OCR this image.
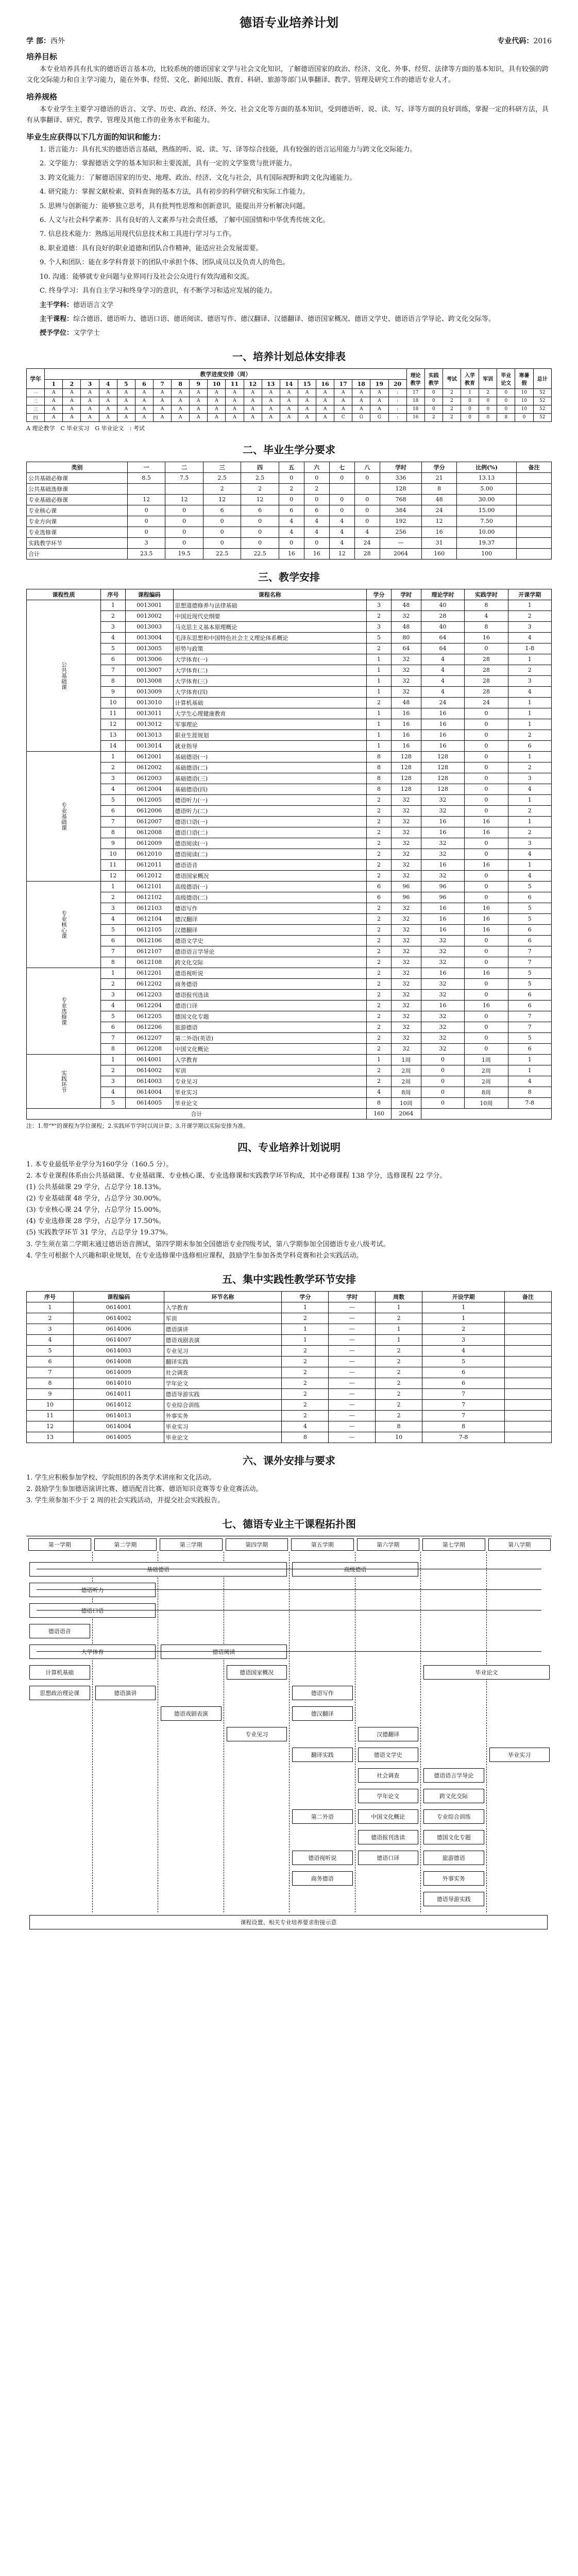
德语专业培养计划
学 部：西外	专业代码：2016
培养目标

本专业培养具有扎实的德语语言基本功，比较系统的德语国家文学与社会文化知识，了解德语国家的政治、经济、文化、外事、经贸、法律等方面的基本知识，具有较强的跨文化交际能力和自主学习能力，能在外事、经贸、文化、新闻出版、教育、科研、旅游等部门从事翻译、教学、管理及研究工作的德语专业人才。

培养规格

本专业学生主要学习德语的语言、文学、历史、政治、经济、外交、社会文化等方面的基本知识，受到德语听、说、读、写、译等方面的良好训练，掌握一定的科研方法，具有从事翻译、研究、教学、管理及其他工作的业务水平和能力。

毕业生应获得以下几方面的知识和能力：

1. 语言能力：具有扎实的德语语言基础，熟练的听、说、读、写、译等综合技能，具有较强的语言运用能力与跨文化交际能力。

2. 文学能力：掌握德语文学的基本知识和主要流派，具有一定的文学鉴赏与批评能力。

3. 跨文化能力：了解德语国家的历史、地理、政治、经济、文化与社会，具有国际视野和跨文化沟通能力。

4. 研究能力：掌握文献检索、资料查询的基本方法，具有初步的科学研究和实际工作能力。

5. 思辨与创新能力：能够独立思考，具有批判性思维和创新意识，能提出并分析解决问题。

6. 人文与社会科学素养：具有良好的人文素养与社会责任感，了解中国国情和中华优秀传统文化。

7. 信息技术能力：熟练运用现代信息技术和工具进行学习与工作。

8. 职业道德：具有良好的职业道德和团队合作精神，能适应社会发展需要。

9. 个人和团队：能在多学科背景下的团队中承担个体、团队成员以及负责人的角色。

10. 沟通：能够就专业问题与业界同行及社会公众进行有效沟通和交流。

C. 终身学习：具有自主学习和终身学习的意识，有不断学习和适应发展的能力。

主干学科：德语语言文学

主干课程：综合德语、德语听力、德语口语、德语阅读、德语写作、德汉翻译、汉德翻译、德语国家概况、德语文学史、德语语言学导论、跨文化交际等。

授予学位：文学学士

一、培养计划总体安排表
学年	教学进度安排（周）																				理论教学	实践教学	考试	入学教育	军训	毕业论文	寒暑假	总计
	1	2	3	4	5	6	7	8	9	10	11	12	13	14	15	16	17	18	19	20								
一	A	A	A	A	A	A	A	A	A	A	A	A	A	A	A	A	A	A	A	:	17	0	2	1	2	0	10	52
二	A	A	A	A	A	A	A	A	A	A	A	A	A	A	A	A	A	A	A	:	18	0	2	0	0	0	10	52
三	A	A	A	A	A	A	A	A	A	A	A	A	A	A	A	A	A	A	A	:	18	0	2	0	0	0	10	52
四	A	A	A	A	A	A	A	A	A	A	A	A	A	A	A	A	C	G	G	:	16	2	2	0	0	8	0	52
A 理论教学　C 毕业实习　G 毕业论文　: 考试
二、毕业生学分要求
类别	一	二	三	四	五	六	七	八	学时	学分	比例(%)	备注
公共基础必修课	8.5	7.5	2.5	2.5	0	0	0	0	336	21	13.13	
公共基础选修课			2	2	2	2			128	8	5.00	
专业基础必修课	12	12	12	12	0	0	0	0	768	48	30.00	
专业核心课	0	0	6	6	6	6	0	0	384	24	15.00	
专业方向课	0	0	0	0	4	4	4	0	192	12	7.50	
专业选修课	0	0	0	0	4	4	4	4	256	16	10.00	
实践教学环节	3	0	0	0	0	0	4	24	—	31	19.37	
合计	23.5	19.5	22.5	22.5	16	16	12	28	2064	160	100	
三、教学安排
课程性质	序号	课程编码	课程名称	学分	学时	理论学时	实践学时	开课学期
公共基础课	1	0013001	思想道德修养与法律基础	3	48	40	8	1
	2	0013002	中国近现代史纲要	2	32	28	4	2
	3	0013003	马克思主义基本原理概论	3	48	40	8	3
	4	0013004	毛泽东思想和中国特色社会主义理论体系概论	5	80	64	16	4
	5	0013005	形势与政策	2	64	64	0	1-8
	6	0013006	大学体育(一)	1	32	4	28	1
	7	0013007	大学体育(二)	1	32	4	28	2
	8	0013008	大学体育(三)	1	32	4	28	3
	9	0013009	大学体育(四)	1	32	4	28	4
	10	0013010	计算机基础	2	48	24	24	1
	11	0013011	大学生心理健康教育	1	16	16	0	1
	12	0013012	军事理论	1	16	16	0	1
	13	0013013	职业生涯规划	1	16	16	0	2
	14	0013014	就业指导	1	16	16	0	6
专业基础课	1	0612001	基础德语(一)	8	128	128	0	1
	2	0612002	基础德语(二)	8	128	128	0	2
	3	0612003	基础德语(三)	8	128	128	0	3
	4	0612004	基础德语(四)	8	128	128	0	4
	5	0612005	德语听力(一)	2	32	32	0	1
	6	0612006	德语听力(二)	2	32	32	0	2
	7	0612007	德语口语(一)	2	32	16	16	1
	8	0612008	德语口语(二)	2	32	16	16	2
	9	0612009	德语阅读(一)	2	32	32	0	3
	10	0612010	德语阅读(二)	2	32	32	0	4
	11	0612011	德语语音	2	32	16	16	1
	12	0612012	德语国家概况	2	32	32	0	4
专业核心课	1	0612101	高级德语(一)	6	96	96	0	5
	2	0612102	高级德语(二)	6	96	96	0	6
	3	0612103	德语写作	2	32	16	16	5
	4	0612104	德汉翻译	2	32	16	16	5
	5	0612105	汉德翻译	2	32	16	16	6
	6	0612106	德语文学史	2	32	32	0	6
	7	0612107	德语语言学导论	2	32	32	0	7
	8	0612108	跨文化交际	2	32	32	0	7
专业选修课	1	0612201	德语视听说	2	32	16	16	5
	2	0612202	商务德语	2	32	32	0	5
	3	0612203	德语报刊选读	2	32	32	0	6
	4	0612204	德语口译	2	32	16	16	6
	5	0612205	德国文化专题	2	32	32	0	7
	6	0612206	旅游德语	2	32	32	0	7
	7	0612207	第二外语(英语)	2	32	32	0	5
	8	0612208	中国文化概论	2	32	32	0	6
实践环节	1	0614001	入学教育	1	1周	0	1周	1
	2	0614002	军训	2	2周	0	2周	1
	3	0614003	专业见习	2	2周	0	2周	4
	4	0614004	毕业实习	4	8周	0	8周	8
	5	0614005	毕业论文	8	10周	0	10周	7-8
合计				160	2064			
注：1.带"*"的课程为学位课程；2.实践环节学时以周计算；3.开课学期以实际安排为准。
四、专业培养计划说明

1. 本专业最低毕业学分为160学分（160.5 分）。

2. 本专业课程体系由公共基础课、专业基础课、专业核心课、专业选修课和实践教学环节构成，其中必修课程 138 学分，选修课程 22 学分。

(1) 公共基础课 29 学分，占总学分 18.13%。

(2) 专业基础课 48 学分，占总学分 30.00%。

(3) 专业核心课 24 学分，占总学分 15.00%。

(4) 专业选修课 28 学分，占总学分 17.50%。

(5) 实践教学环节 31 学分，占总学分 19.37%。

3. 学生须在第二学期末通过德语语音测试，第四学期末参加全国德语专业四级考试，第八学期参加全国德语专业八级考试。

4. 学生可根据个人兴趣和职业规划，在专业选修课中选修相应课程，鼓励学生参加各类学科竞赛和社会实践活动。

五、集中实践性教学环节安排
序号	课程编码	环节名称	学分	学时	周数	开设学期	备注
1	0614001	入学教育	1	—	1	1	
2	0614002	军训	2	—	2	1	
3	0614006	德语演讲	1	—	1	2	
4	0614007	德语戏剧表演	1	—	1	3	
5	0614003	专业见习	2	—	2	4	
6	0614008	翻译实践	2	—	2	5	
7	0614009	社会调查	2	—	2	6	
8	0614010	学年论文	2	—	2	6	
9	0614011	德语导游实践	2	—	2	7	
10	0614012	专业综合训练	2	—	2	7	
11	0614013	外事实务	2	—	2	7	
12	0614004	毕业实习	4	—	8	8	
13	0614005	毕业论文	8	—	10	7-8	
六、课外安排与要求

1. 学生应积极参加学校、学院组织的各类学术讲座和文化活动。

2. 鼓励学生参加德语演讲比赛、德语配音比赛、德语知识竞赛等专业竞赛活动。

3. 学生须参加不少于 2 周的社会实践活动，并提交社会实践报告。

七、德语专业主干课程拓扑图
第一学期	第二学期	第三学期	第四学期	第五学期	第六学期	第七学期	第八学期
基础德语
德语听力
德语口语
德语语音
德语阅读
德语国家概况
高级德语
德语写作
德汉翻译
汉德翻译
德语文学史
德语语言学导论
跨文化交际
中国文化概论
德语报刊选读
德语视听说
商务德语
德语口译
德国文化专题
旅游德语
第二外语
德语演讲
德语戏剧表演
专业见习
翻译实践
社会调查
学年论文
专业综合训练
外事实务
德语导游实践
毕业实习
毕业论文
大学体育
计算机基础
思想政治理论课
课程设置、相关专业培养要求衔接示意
